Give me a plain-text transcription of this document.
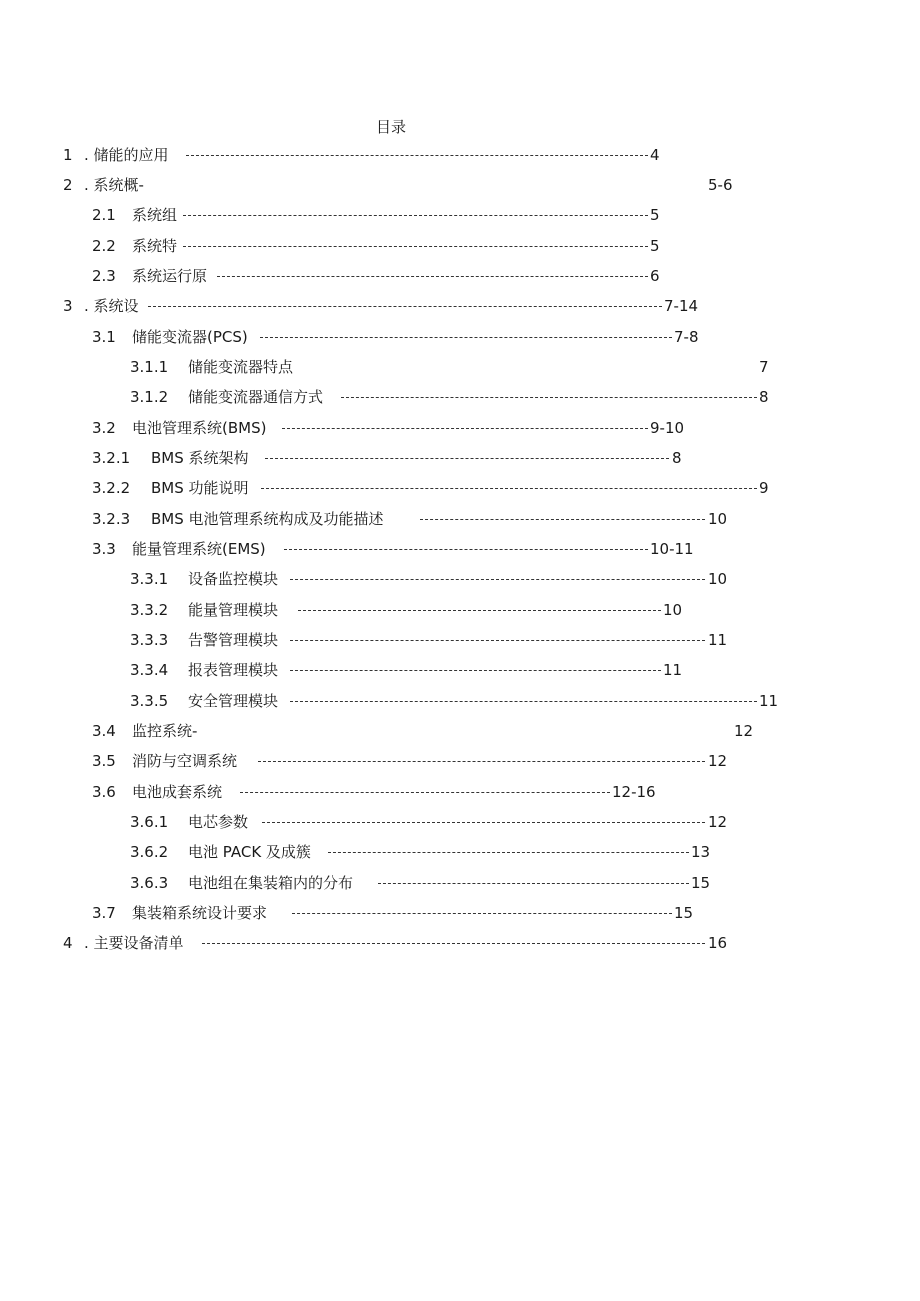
目录
1 . 储能的应用	4
2 . 系统概-	5-6
2.1 系统组	5
2.2 系统特	5
2.3 系统运行原	6
3 . 系统设	7-14
3.1 储能变流器(PCS)	7-8
3.1.1 储能变流器特点	7
3.1.2 储能变流器通信方式	8
3.2 电池管理系统(BMS)	9-10
3.2.1 BMS 系统架构	8
3.2.2 BMS 功能说明	9
3.2.3 BMS 电池管理系统构成及功能描述	10
3.3 能量管理系统(EMS)	10-11
3.3.1 设备监控模块	10
3.3.2 能量管理模块	10
3.3.3 告警管理模块	11
3.3.4 报表管理模块	11
3.3.5 安全管理模块	11
3.4 监控系统-	12
3.5 消防与空调系统	12
3.6 电池成套系统	12-16
3.6.1 电芯参数	12
3.6.2 电池 PACK 及成簇	13
3.6.3 电池组在集装箱内的分布	15
3.7 集装箱系统设计要求	15
4 . 主要设备清单	16
